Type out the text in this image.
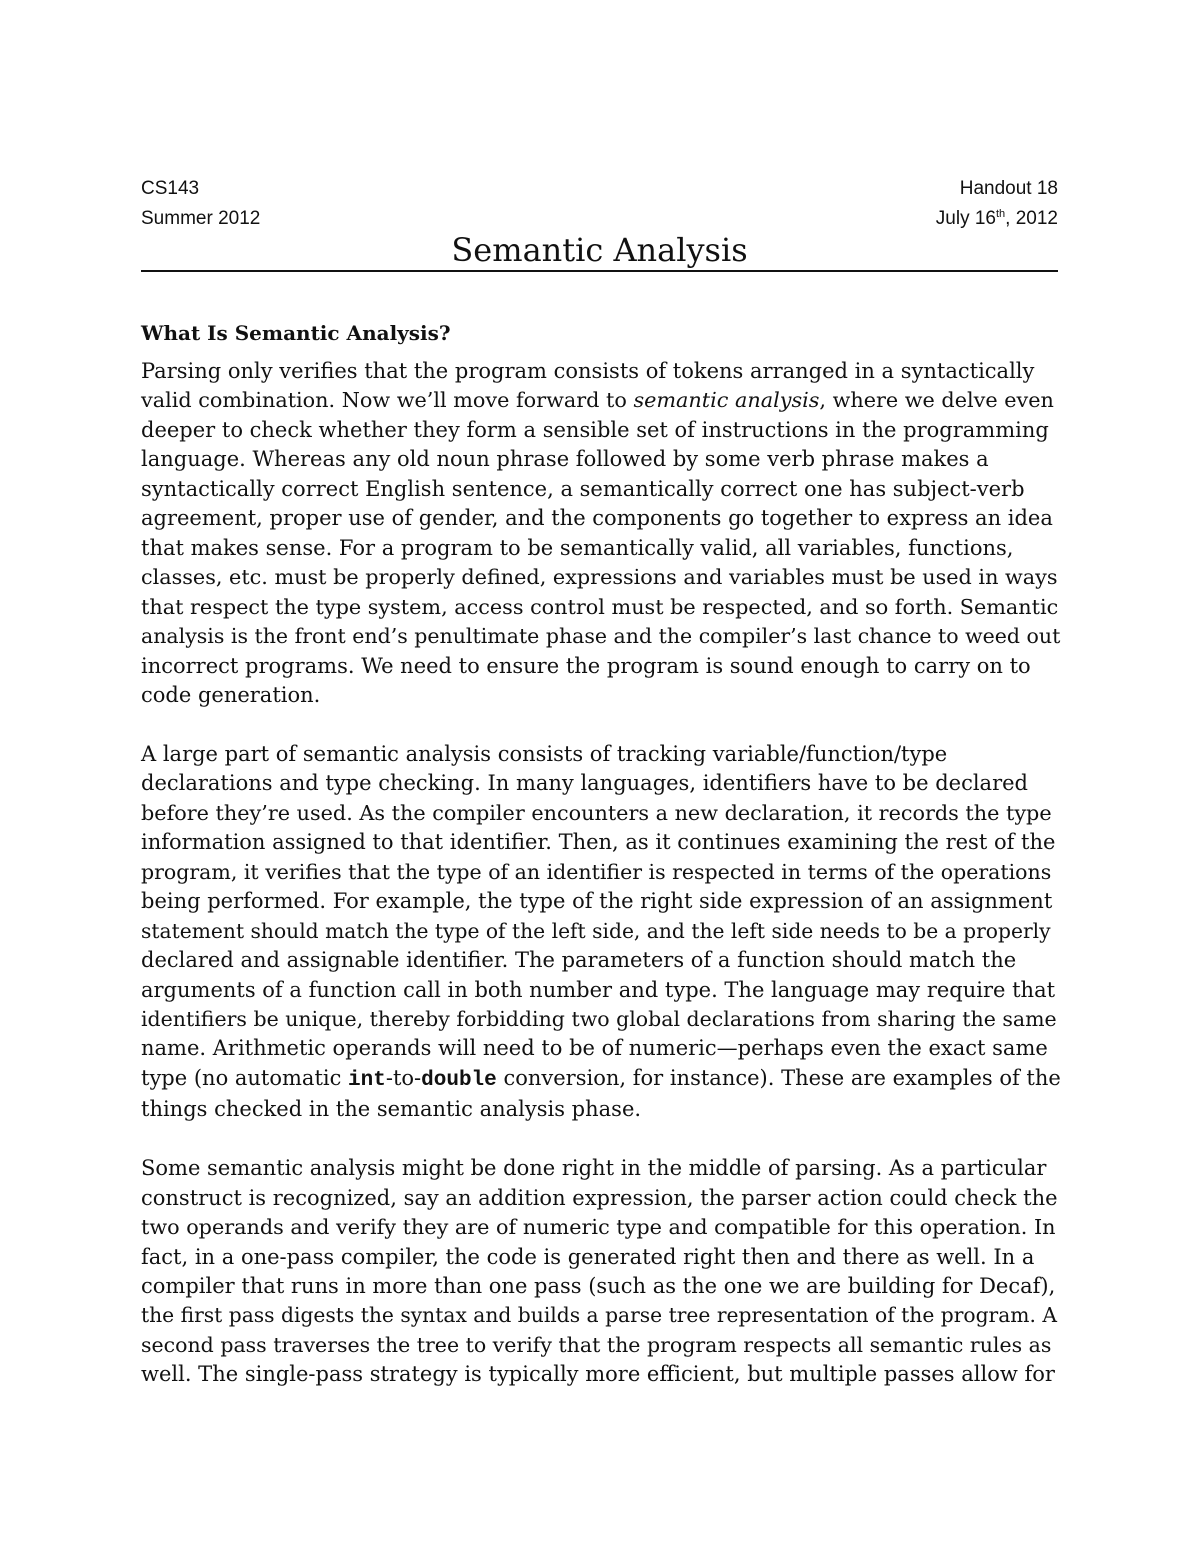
CS143
Summer 2012
Handout 18
July 16th, 2012
Semantic Analysis
What Is Semantic Analysis?
Parsing only verifies that the program consists of tokens arranged in a syntactically
valid combination. Now we’ll move forward to semantic analysis, where we delve even
deeper to check whether they form a sensible set of instructions in the programming
language. Whereas any old noun phrase followed by some verb phrase makes a
syntactically correct English sentence, a semantically correct one has subject-verb
agreement, proper use of gender, and the components go together to express an idea
that makes sense. For a program to be semantically valid, all variables, functions,
classes, etc. must be properly defined, expressions and variables must be used in ways
that respect the type system, access control must be respected, and so forth. Semantic
analysis is the front end’s penultimate phase and the compiler’s last chance to weed out
incorrect programs. We need to ensure the program is sound enough to carry on to
code generation.
A large part of semantic analysis consists of tracking variable/function/type
declarations and type checking. In many languages, identifiers have to be declared
before they’re used. As the compiler encounters a new declaration, it records the type
information assigned to that identifier. Then, as it continues examining the rest of the
program, it verifies that the type of an identifier is respected in terms of the operations
being performed. For example, the type of the right side expression of an assignment
statement should match the type of the left side, and the left side needs to be a properly
declared and assignable identifier. The parameters of a function should match the
arguments of a function call in both number and type. The language may require that
identifiers be unique, thereby forbidding two global declarations from sharing the same
name. Arithmetic operands will need to be of numeric—perhaps even the exact same
type (no automatic int-to-double conversion, for instance). These are examples of the
things checked in the semantic analysis phase.
Some semantic analysis might be done right in the middle of parsing. As a particular
construct is recognized, say an addition expression, the parser action could check the
two operands and verify they are of numeric type and compatible for this operation. In
fact, in a one-pass compiler, the code is generated right then and there as well. In a
compiler that runs in more than one pass (such as the one we are building for Decaf),
the first pass digests the syntax and builds a parse tree representation of the program. A
second pass traverses the tree to verify that the program respects all semantic rules as
well. The single-pass strategy is typically more efficient, but multiple passes allow for
